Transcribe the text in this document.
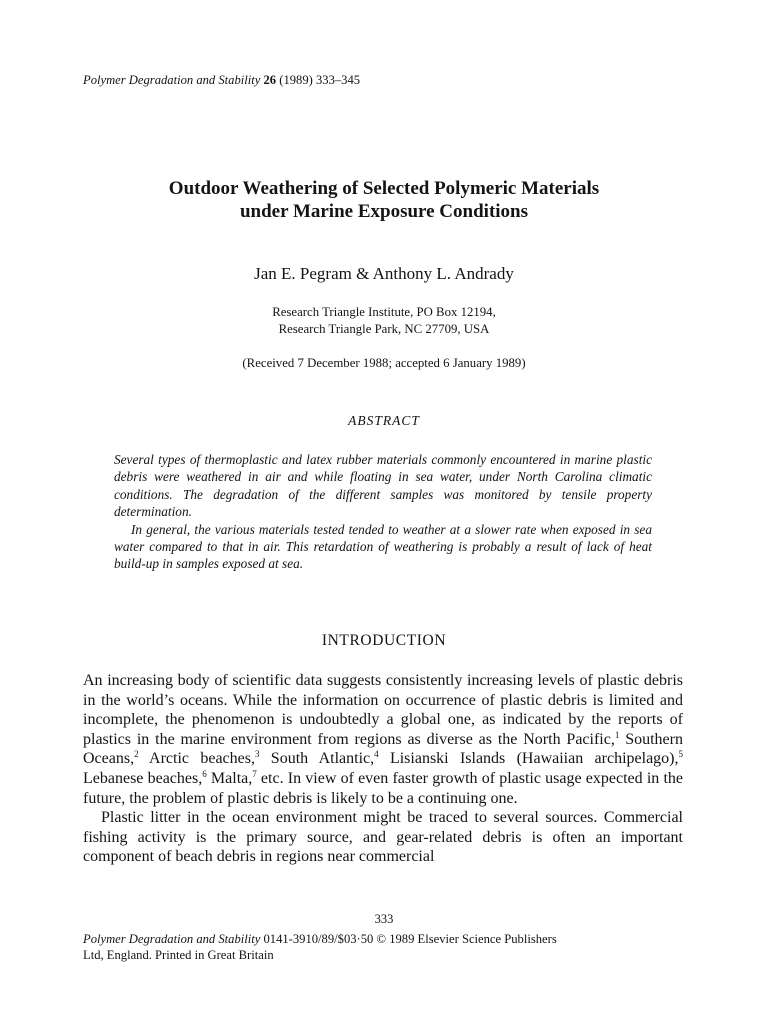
Polymer Degradation and Stability 26 (1989) 333–345
Outdoor Weathering of Selected Polymeric Materials
under Marine Exposure Conditions
Jan E. Pegram & Anthony L. Andrady
Research Triangle Institute, PO Box 12194,
Research Triangle Park, NC 27709, USA
(Received 7 December 1988; accepted 6 January 1989)
ABSTRACT

Several types of thermoplastic and latex rubber materials commonly encountered in marine plastic debris were weathered in air and while floating in sea water, under North Carolina climatic conditions. The degradation of the different samples was monitored by tensile property determination.

In general, the various materials tested tended to weather at a slower rate when exposed in sea water compared to that in air. This retardation of weathering is probably a result of lack of heat build-up in samples exposed at sea.

INTRODUCTION

An increasing body of scientific data suggests consistently increasing levels of plastic debris in the world’s oceans. While the information on occurrence of plastic debris is limited and incomplete, the phenomenon is undoubtedly a global one, as indicated by the reports of plastics in the marine environment from regions as diverse as the North Pacific,$^1$ Southern Oceans,$^2$ Arctic beaches,$^3$ South Atlantic,$^4$ Lisianski Islands (Hawaiian archipelago),$^5$ Lebanese beaches,$^6$ Malta,$^7$ etc. In view of even faster growth of plastic usage expected in the future, the problem of plastic debris is likely to be a continuing one.

Plastic litter in the ocean environment might be traced to several sources. Commercial fishing activity is the primary source, and gear-related debris is often an important component of beach debris in regions near commercial

333
Polymer Degradation and Stability 0141-3910/89/$03·50 © 1989 Elsevier Science Publishers
Ltd, England. Printed in Great Britain
